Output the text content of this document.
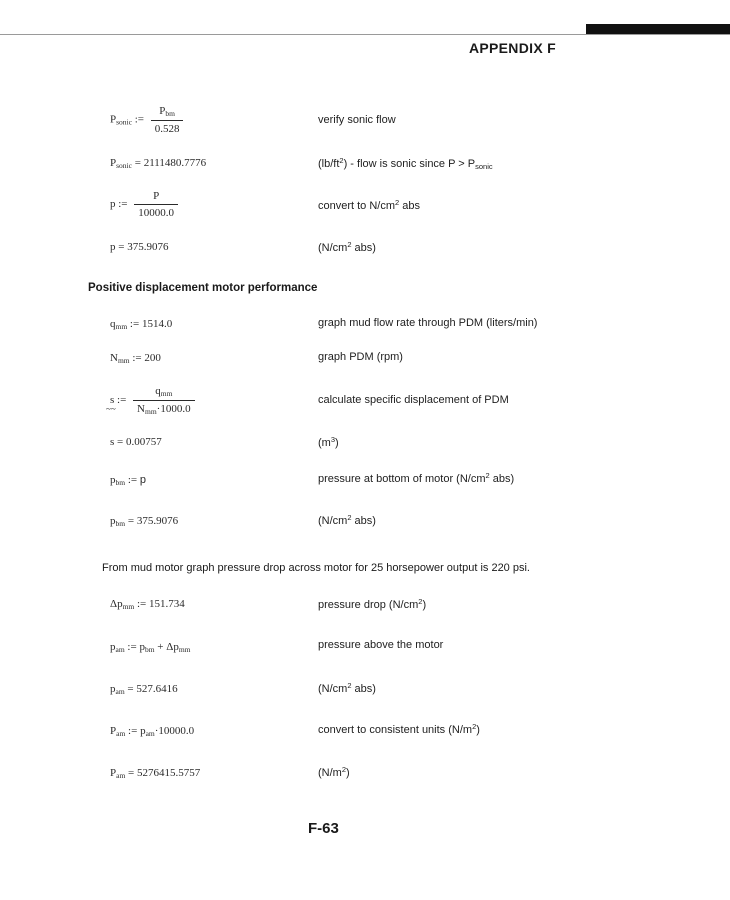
APPENDIX F
$P_{sonic}$ := $\frac{P_{bm}}{0.528}$	verify sonic flow
$P_{sonic} = 2111480.7776$	$(lb/ft^2)$ - flow is sonic since $P > P_{sonic}$
p := $\frac{P}{10000.0}$	convert to $N/cm^2$ abs
p = 375.9076	($N/cm^2$ abs)
Positive displacement motor performance
$q_{mm}$ := 1514.0	graph mud flow rate through PDM (liters/min)
$N_{mm}$ := 200	graph PDM (rpm)
~~
s := $\frac{q_{mm}}{N_{mm}\cdot 1000.0}$	calculate specific displacement of PDM
s = 0.00757	$(m^3)$
$p_{bm}$ := p	pressure at bottom of motor ($N/cm^2$ abs)
$p_{bm} = 375.9076$	($N/cm^2$ abs)
From mud motor graph pressure drop across motor for 25 horsepower output is 220 psi.
$\Delta p_{mm}$ := 151.734	pressure drop $(N/cm^2)$
$p_{am}$ := $p_{bm} + \Delta p_{mm}$	pressure above the motor
$p_{am} = 527.6416$	($N/cm^2$ abs)
$P_{am}$ := $p_{am}\cdot 10000.0$	convert to consistent units $(N/m^2)$
$P_{am} = 5276415.5757$	$(N/m^2)$
F-63
